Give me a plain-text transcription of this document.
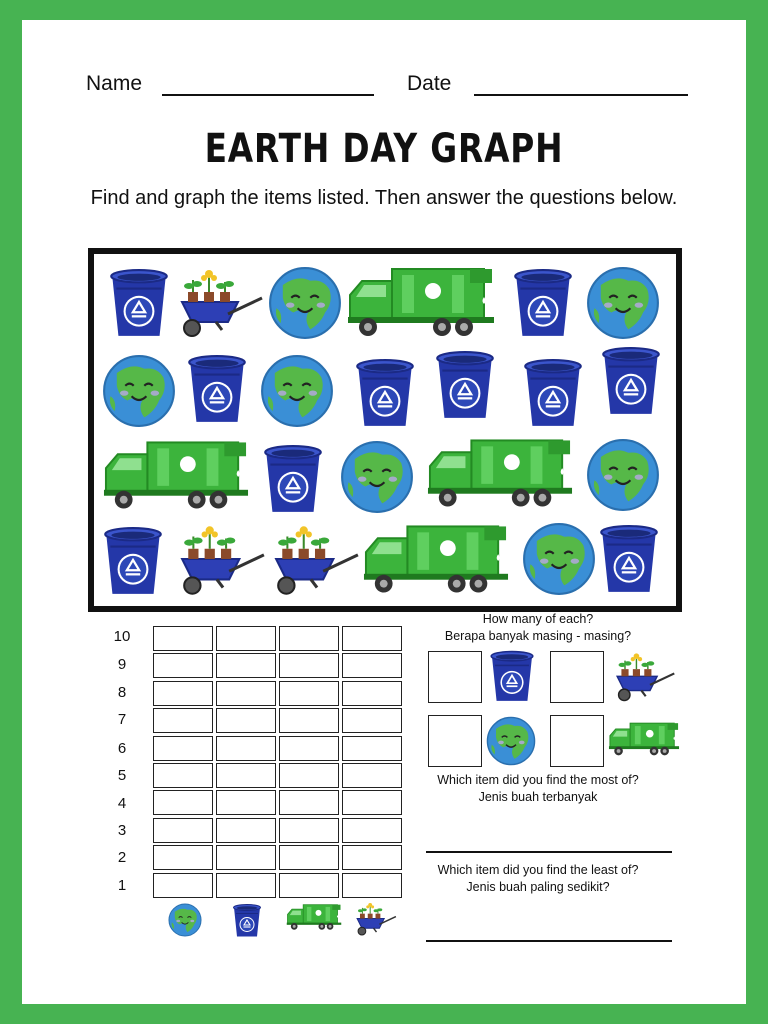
Name	Date
EARTH DAY GRAPH
Find and graph the items listed. Then answer the questions below.
10
9
8
7
6
5
4
3
2
1
How many of each?
Berapa banyak masing - masing?
Which item did you find the most of?
Jenis buah terbanyak
Which item did you find the least of?
Jenis buah paling sedikit?
